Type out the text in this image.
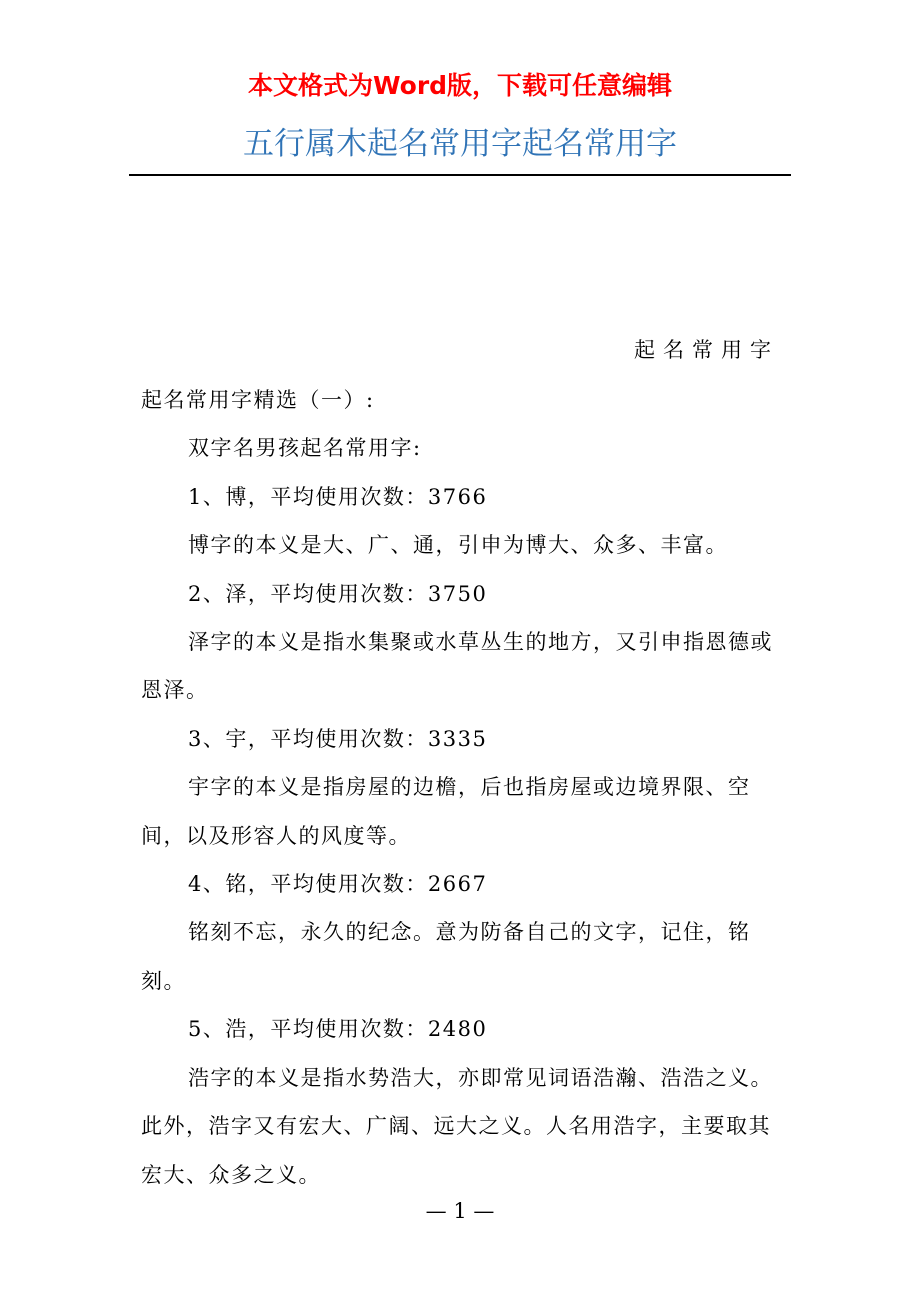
本文格式为Word版，下载可任意编辑
五行属木起名常用字起名常用字
起名常用字

起名常用字精选（一）:

双字名男孩起名常用字:

1、博，平均使用次数：3766

博字的本义是大、广、通，引申为博大、众多、丰富。

2、泽，平均使用次数：3750

泽字的本义是指水集聚或水草丛生的地方，又引申指恩德或恩泽。

3、宇，平均使用次数：3335

宇字的本义是指房屋的边檐，后也指房屋或边境界限、空间，以及形容人的风度等。

4、铭，平均使用次数：2667

铭刻不忘，永久的纪念。意为防备自己的文字，记住，铭刻。

5、浩，平均使用次数：2480

浩字的本义是指水势浩大，亦即常见词语浩瀚、浩浩之义。此外，浩字又有宏大、广阔、远大之义。人名用浩字，主要取其宏大、众多之义。

— 1 —
